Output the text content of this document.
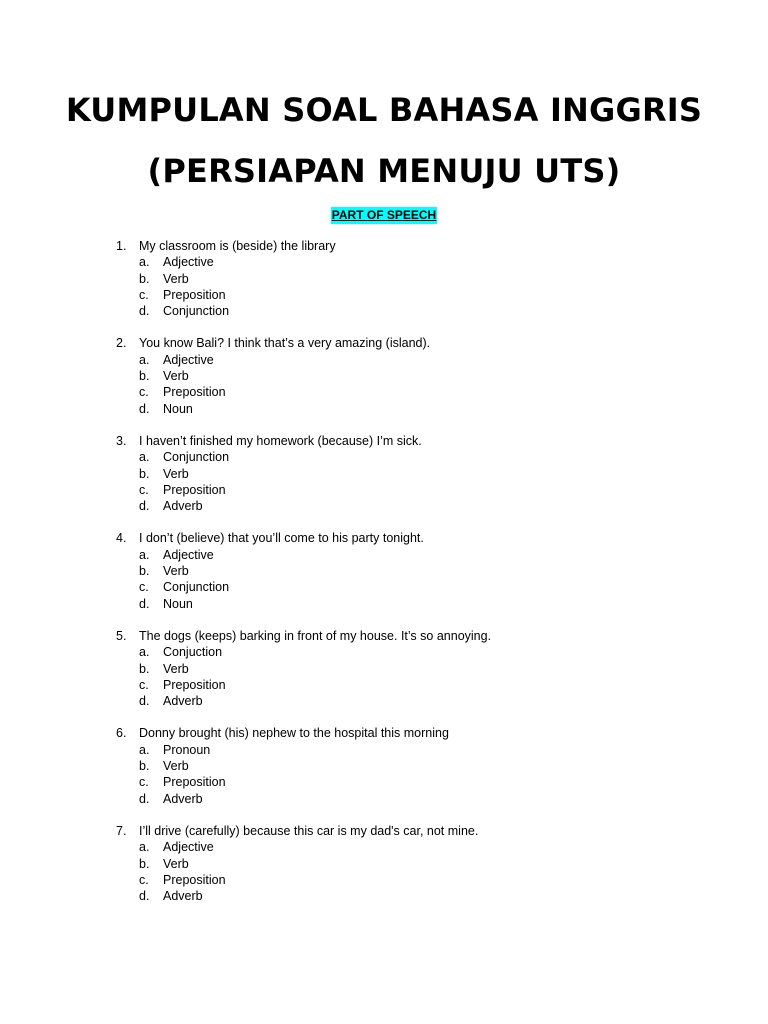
KUMPULAN SOAL BAHASA INGGRIS
(PERSIAPAN MENUJU UTS)
PART OF SPEECH
1.	My classroom is (beside) the library
a.	Adjective
b.	Verb
c.	Preposition
d.	Conjunction
2.	You know Bali? I think that’s a very amazing (island).
a.	Adjective
b.	Verb
c.	Preposition
d.	Noun
3.	I haven’t finished my homework (because) I’m sick.
a.	Conjunction
b.	Verb
c.	Preposition
d.	Adverb
4.	I don’t (believe) that you’ll come to his party tonight.
a.	Adjective
b.	Verb
c.	Conjunction
d.	Noun
5.	The dogs (keeps) barking in front of my house. It’s so annoying.
a.	Conjuction
b.	Verb
c.	Preposition
d.	Adverb
6.	Donny brought (his) nephew to the hospital this morning
a.	Pronoun
b.	Verb
c.	Preposition
d.	Adverb
7.	I’ll drive (carefully) because this car is my dad's car, not mine.
a.	Adjective
b.	Verb
c.	Preposition
d.	Adverb
